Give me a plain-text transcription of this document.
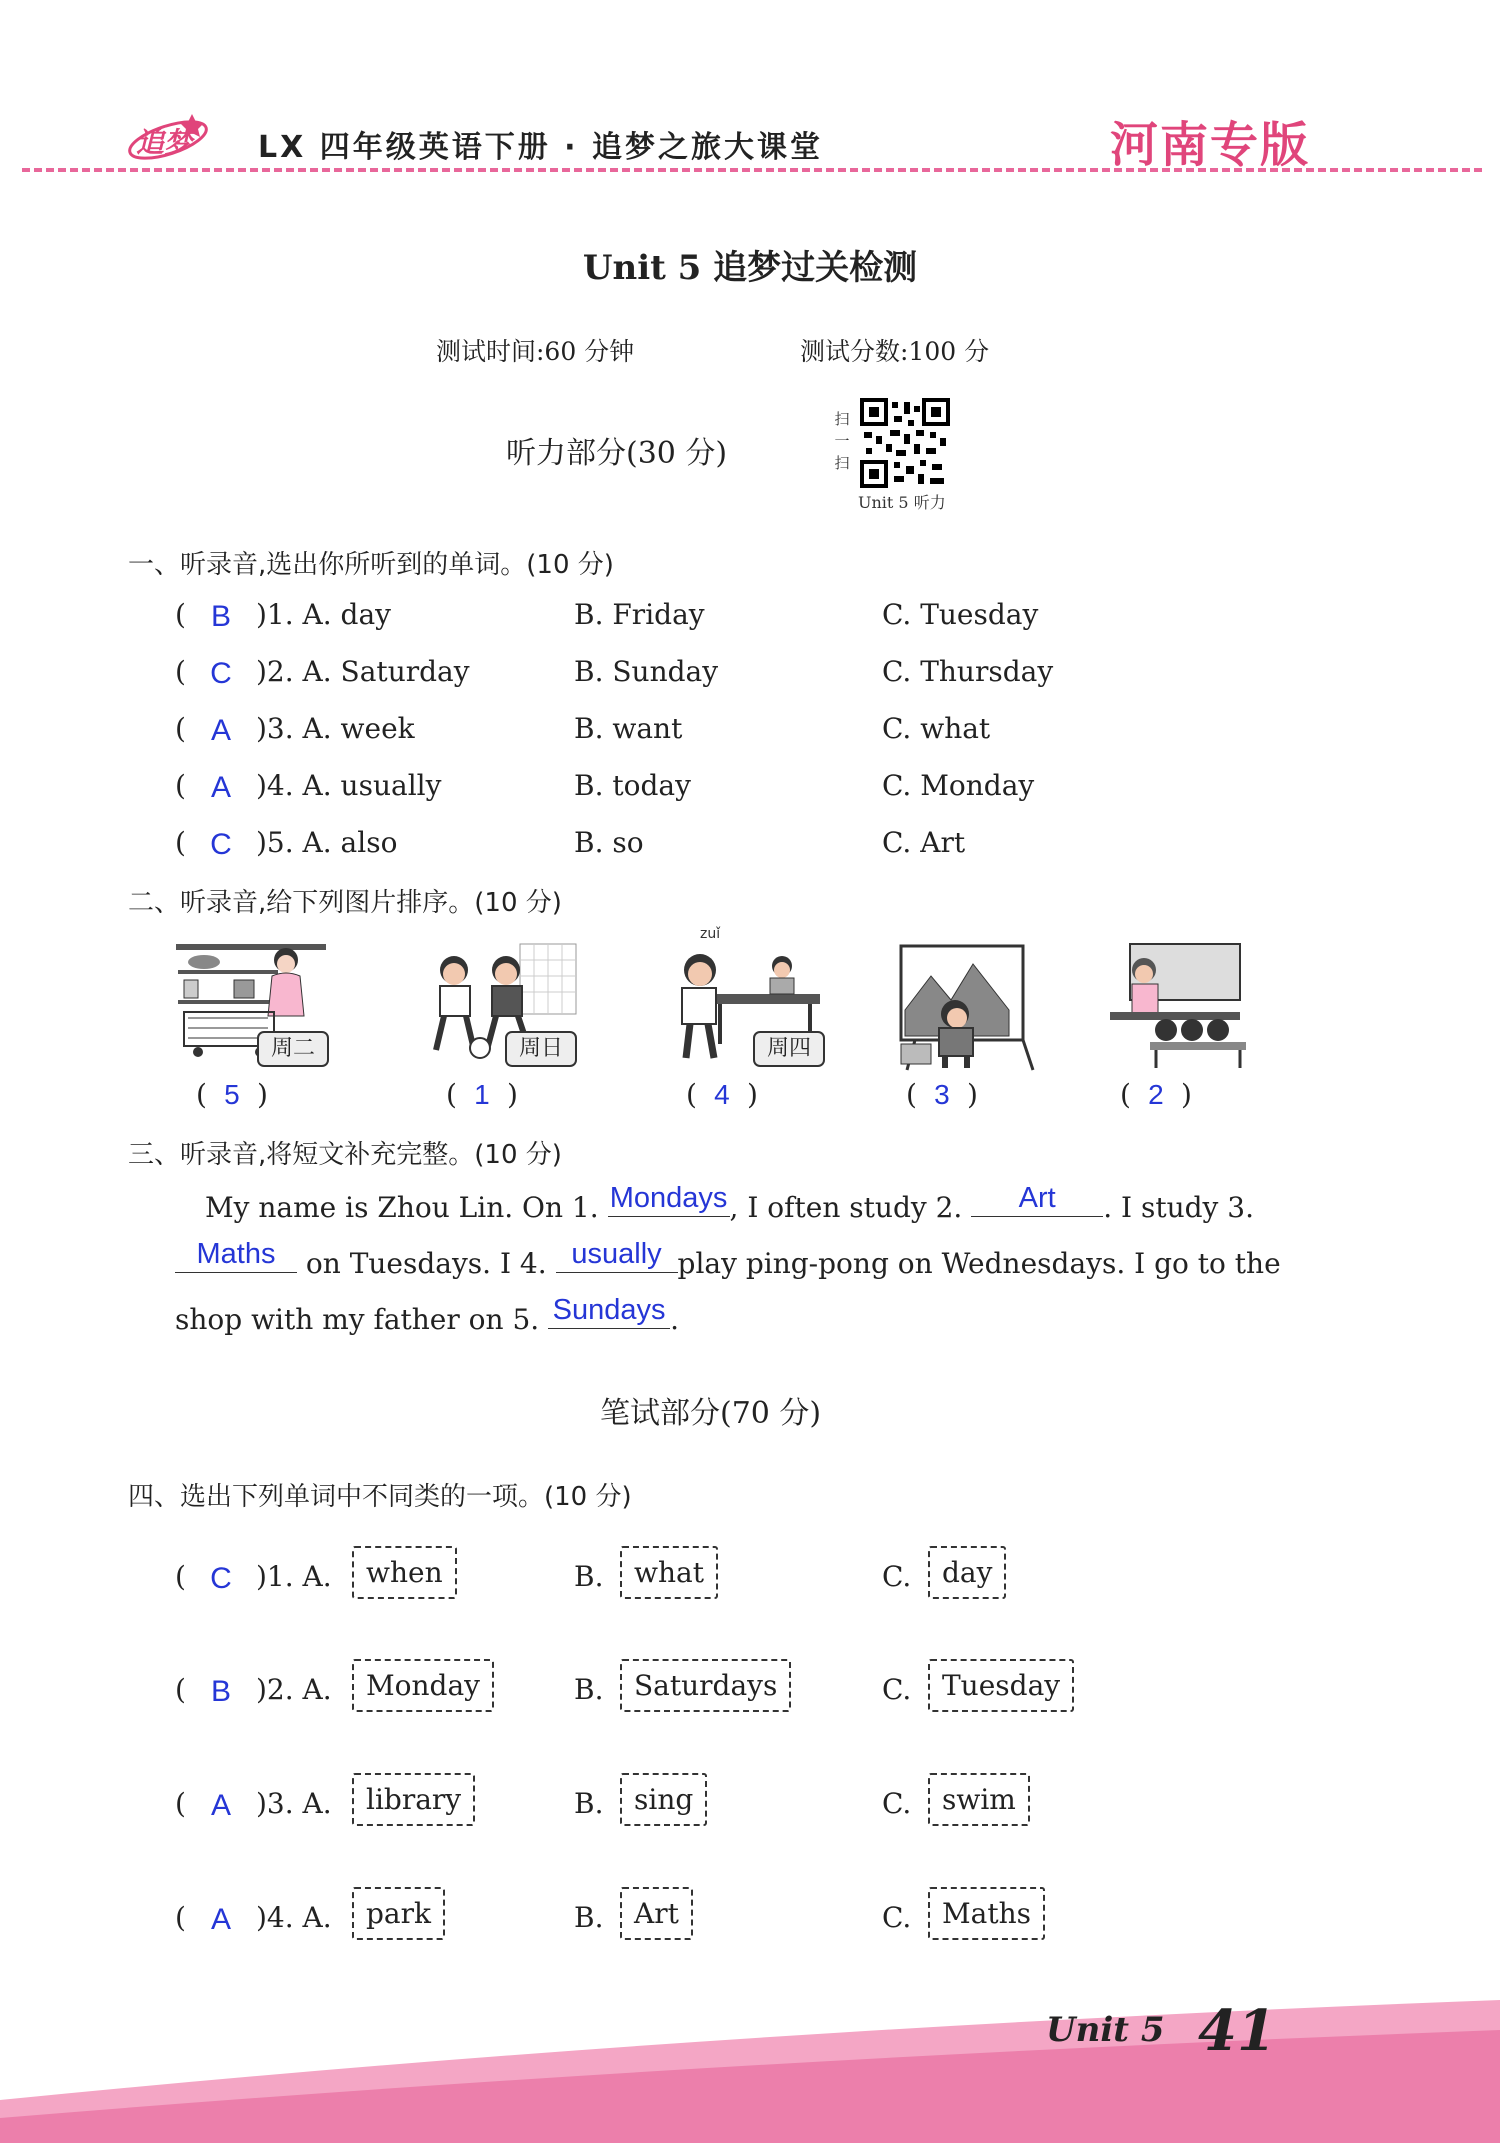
追梦 LX 四年级英语下册 · 追梦之旅大课堂	河南专版
Unit 5 追梦过关检测
测试时间:60 分钟	测试分数:100 分
听力部分(30 分)
扫
一
扫
Unit 5 听力
一、听录音,选出你所听到的单词。(10 分)
( B )1. A. day	B. Friday	C. Tuesday
( C )2. A. Saturday	B. Sunday	C. Thursday
( A )3. A. week	B. want	C. what
( A )4. A. usually	B. today	C. Monday
( C )5. A. also	B. so	C. Art
二、听录音,给下列图片排序。(10 分)
周二	周日
zuǐ
周四
( 5 )	( 1 )	( 4 )	( 3 )	( 2 )
三、听录音,将短文补充完整。(10 分)
My name is Zhou Lin. On 1. Mondays , I often study 2.	Art	. I study 3.
Maths	on Tuesdays. I 4. usually play ping-pong on Wednesdays. I go to the shop with my father on 5. Sundays .
笔试部分(70 分)
四、选出下列单词中不同类的一项。(10 分)
( C )1. A.	when	B.	what	C.	day
( B )2. A.	Monday	B.	Saturdays	C.	Tuesday
( A )3. A.	library	B.	sing	C.	swim
( A )4. A.	park	B.	Art	C.	Maths
Unit 5 41
